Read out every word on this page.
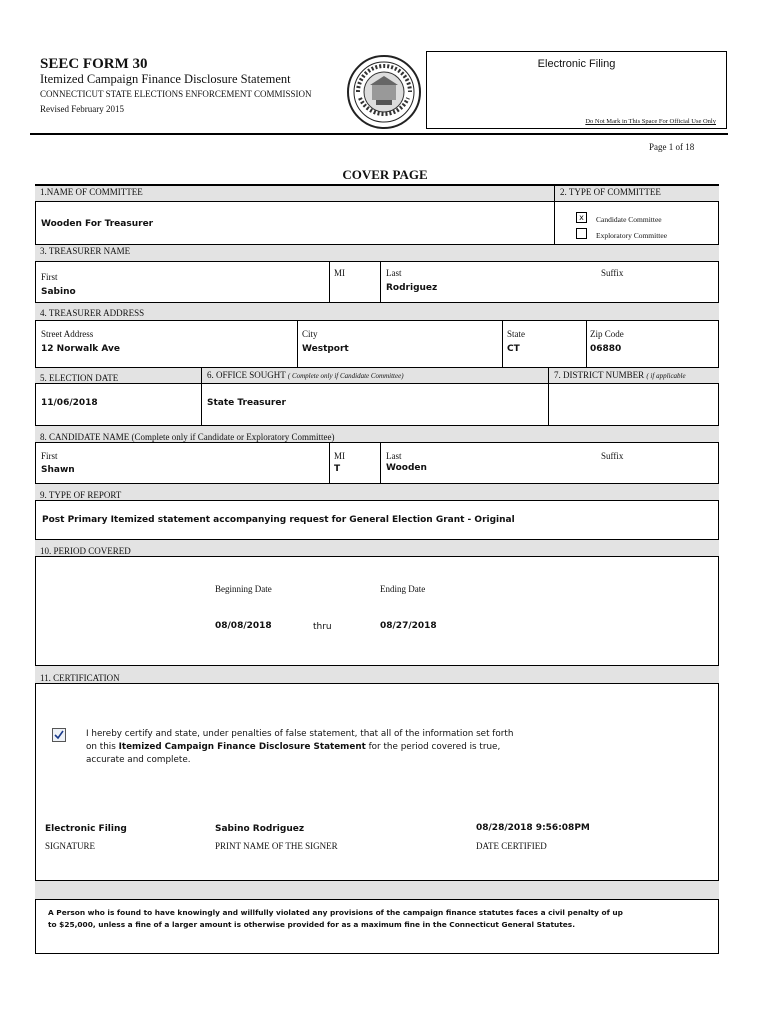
SEEC FORM 30
Itemized Campaign Finance Disclosure Statement
CONNECTICUT STATE ELECTIONS ENFORCEMENT COMMISSION
Revised February 2015
Electronic Filing
Do Not Mark in This Space For Official Use Only
Page 1 of 18
COVER PAGE
1.NAME OF COMMITTEE	2. TYPE OF COMMITTEE
Wooden For Treasurer
x	Candidate Committee
Exploratory Committee
3. TREASURER NAME
First
Sabino
MI	Last
Rodriguez
Suffix
4. TREASURER ADDRESS
Street Address
12 Norwalk Ave
City
Westport
State
CT
Zip Code
06880
5. ELECTION DATE	6. OFFICE SOUGHT ( Complete only if Candidate Committee)	7. DISTRICT NUMBER ( if applicable
11/06/2018	State Treasurer
8. CANDIDATE NAME (Complete only if Candidate or Exploratory Committee)
First
Shawn
MI
T
Last
Wooden
Suffix
9. TYPE OF REPORT
Post Primary Itemized statement accompanying request for General Election Grant - Original
10. PERIOD COVERED
Beginning Date
08/08/2018	thru
Ending Date
08/27/2018
11. CERTIFICATION
I hereby certify and state, under penalties of false statement, that all of the information set forth
on this Itemized Campaign Finance Disclosure Statement for the period covered is true,
accurate and complete.
Electronic Filing
SIGNATURE
Sabino Rodriguez
PRINT NAME OF THE SIGNER
08/28/2018 9:56:08PM
DATE CERTIFIED
A Person who is found to have knowingly and willfully violated any provisions of the campaign finance statutes faces a civil penalty of up
to $25,000, unless a fine of a larger amount is otherwise provided for as a maximum fine in the Connecticut General Statutes.
